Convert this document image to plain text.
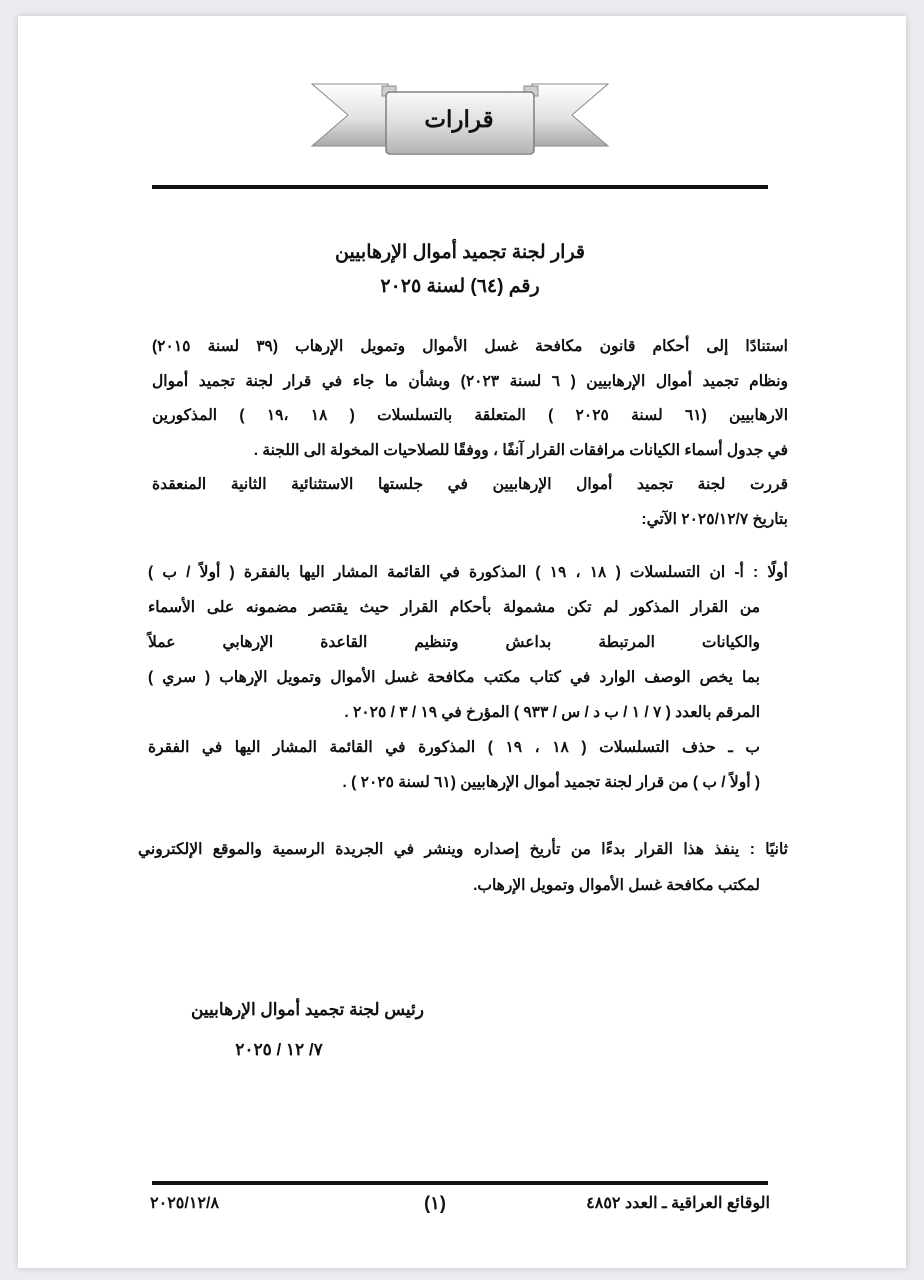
قرارات
قرار لجنة تجميد أموال الإرهابيين
رقم (٦٤) لسنة ٢٠٢٥
استنادًا إلى أحكام قانون مكافحة غسل الأموال وتمويل الإرهاب (٣٩ لسنة ٢٠١٥)
ونظام تجميد أموال الإرهابيين ( ٦ لسنة ٢٠٢٣) وبشأن ما جاء في قرار لجنة تجميد أموال
الارهابيين (٦١ لسنة ٢٠٢٥ ) المتعلقة بالتسلسلات ( ١٨ ،١٩ ) المذكورين
في جدول أسماء الكيانات مرافقات القرار آنفًا ، ووفقًا للصلاحيات المخولة الى اللجنة .
قررت لجنة تجميد أموال الإرهابيين في جلستها الاستثنائية الثانية المنعقدة
بتاريخ ٢٠٢٥/١٢/٧ الآتي:
أولًا : أ- ان التسلسلات ( ١٨ ، ١٩ ) المذكورة في القائمة المشار اليها بالفقرة ( أولاً / ب )
من القرار المذكور لم تكن مشمولة بأحكام القرار حيث يقتصر مضمونه على الأسماء
والكيانات المرتبطة بداعش وتنظيم القاعدة الإرهابي عملاً
بما يخص الوصف الوارد في كتاب مكتب مكافحة غسل الأموال وتمويل الإرهاب ( سري )
المرقم بالعدد ( ٧ / ١ / ب د / س / ٩٣٣ ) المؤرخ في ١٩ / ٣ / ٢٠٢٥ .
ب ـ حذف التسلسلات ( ١٨ ، ١٩ ) المذكورة في القائمة المشار اليها في الفقرة
( أولاً / ب ) من قرار لجنة تجميد أموال الإرهابيين (٦١ لسنة ٢٠٢٥ ) .
ثانيًا : ينفذ هذا القرار بدءًا من تأريخ إصداره وينشر في الجريدة الرسمية والموقع الإلكتروني
لمكتب مكافحة غسل الأموال وتمويل الإرهاب.
رئيس لجنة تجميد أموال الإرهابيين
٧/ ١٢ / ٢٠٢٥
الوقائع العراقية ـ العدد ٤٨٥٢
(١)
٢٠٢٥/١٢/٨
